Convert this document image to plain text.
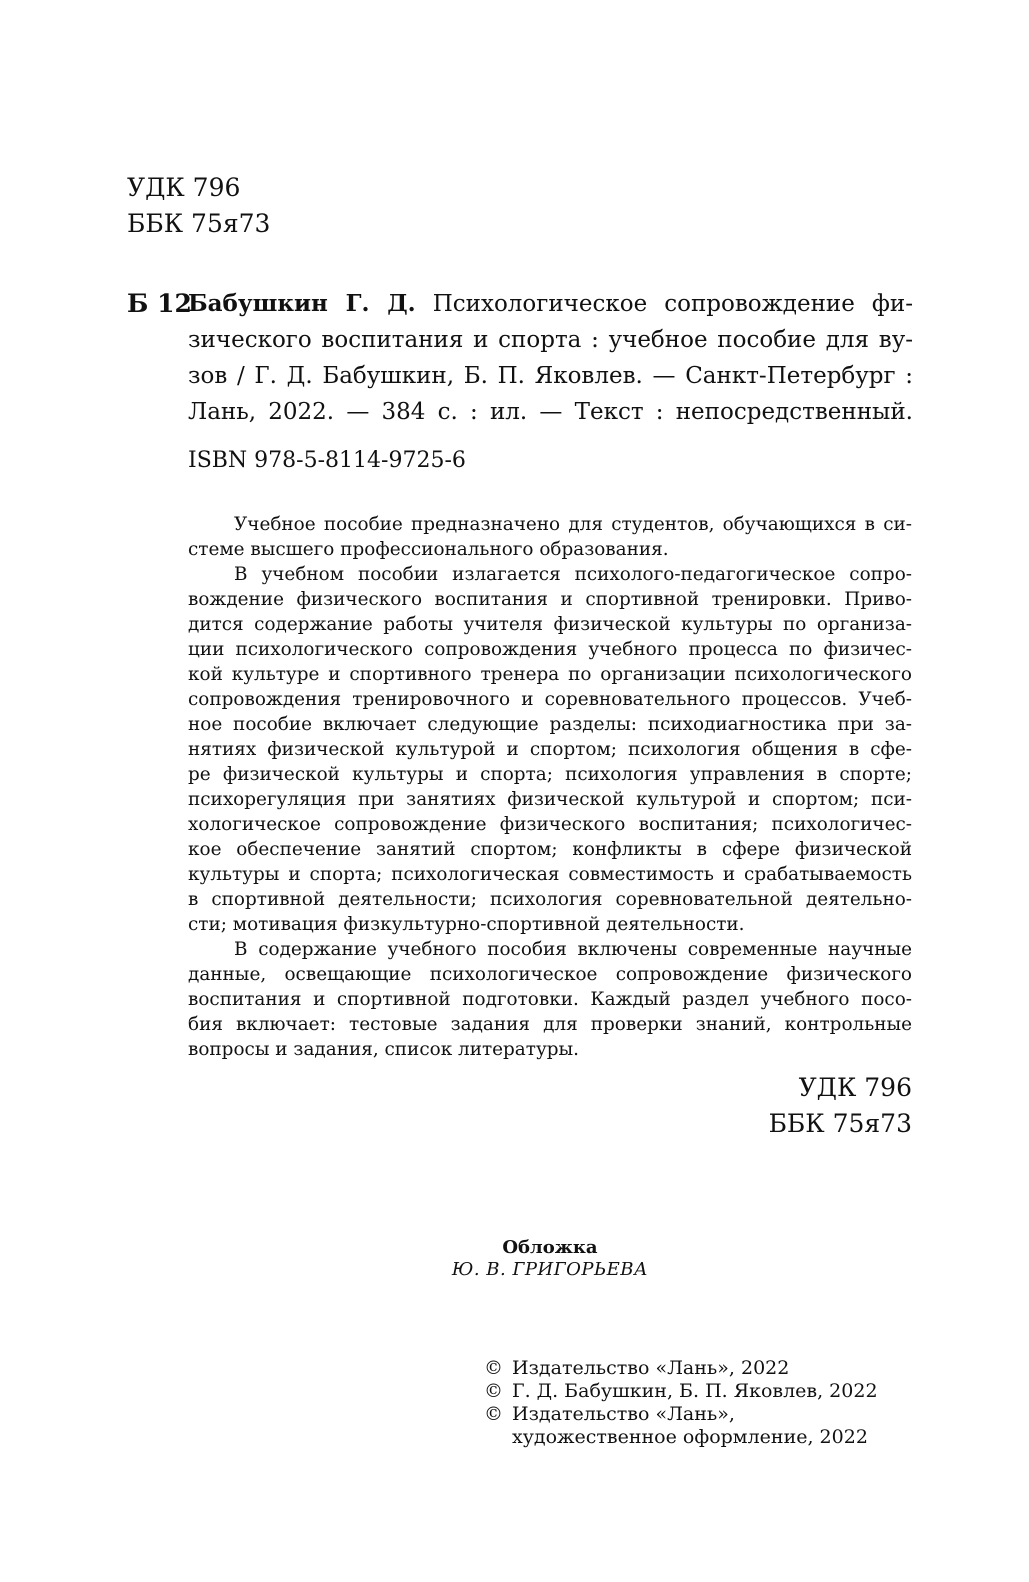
УДК 796
ББК 75я73
Б 12
Бабушкин Г. Д. Психологическое сопровождение фи-
зического воспитания и спорта : учебное пособие для ву-
зов / Г. Д. Бабушкин, Б. П. Яковлев. — Санкт-Петербург :
Лань, 2022. — 384 с. : ил. — Текст : непосредственный.
ISBN 978-5-8114-9725-6

Учебное пособие предназначено для студентов, обучающихся в си-
стеме высшего профессионального образования.

В учебном пособии излагается психолого-педагогическое сопро-
вождение физического воспитания и спортивной тренировки. Приво-
дится содержание работы учителя физической культуры по организа-
ции психологического сопровождения учебного процесса по физичес-
кой культуре и спортивного тренера по организации психологического
сопровождения тренировочного и соревновательного процессов. Учеб-
ное пособие включает следующие разделы: психодиагностика при за-
нятиях физической культурой и спортом; психология общения в сфе-
ре физической культуры и спорта; психология управления в спорте;
психорегуляция при занятиях физической культурой и спортом; пси-
хологическое сопровождение физического воспитания; психологичес-
кое обеспечение занятий спортом; конфликты в сфере физической
культуры и спорта; психологическая совместимость и срабатываемость
в спортивной деятельности; психология соревновательной деятельно-
сти; мотивация физкультурно-спортивной деятельности.

В содержание учебного пособия включены современные научные
данные, освещающие психологическое сопровождение физического
воспитания и спортивной подготовки. Каждый раздел учебного посо-
бия включает: тестовые задания для проверки знаний, контрольные
вопросы и задания, список литературы.

УДК 796
ББК 75я73
Обложка
Ю. В. ГРИГОРЬЕВА
© Издательство «Лань», 2022
© Г. Д. Бабушкин, Б. П. Яковлев, 2022
© Издательство «Лань»,
художественное оформление, 2022
